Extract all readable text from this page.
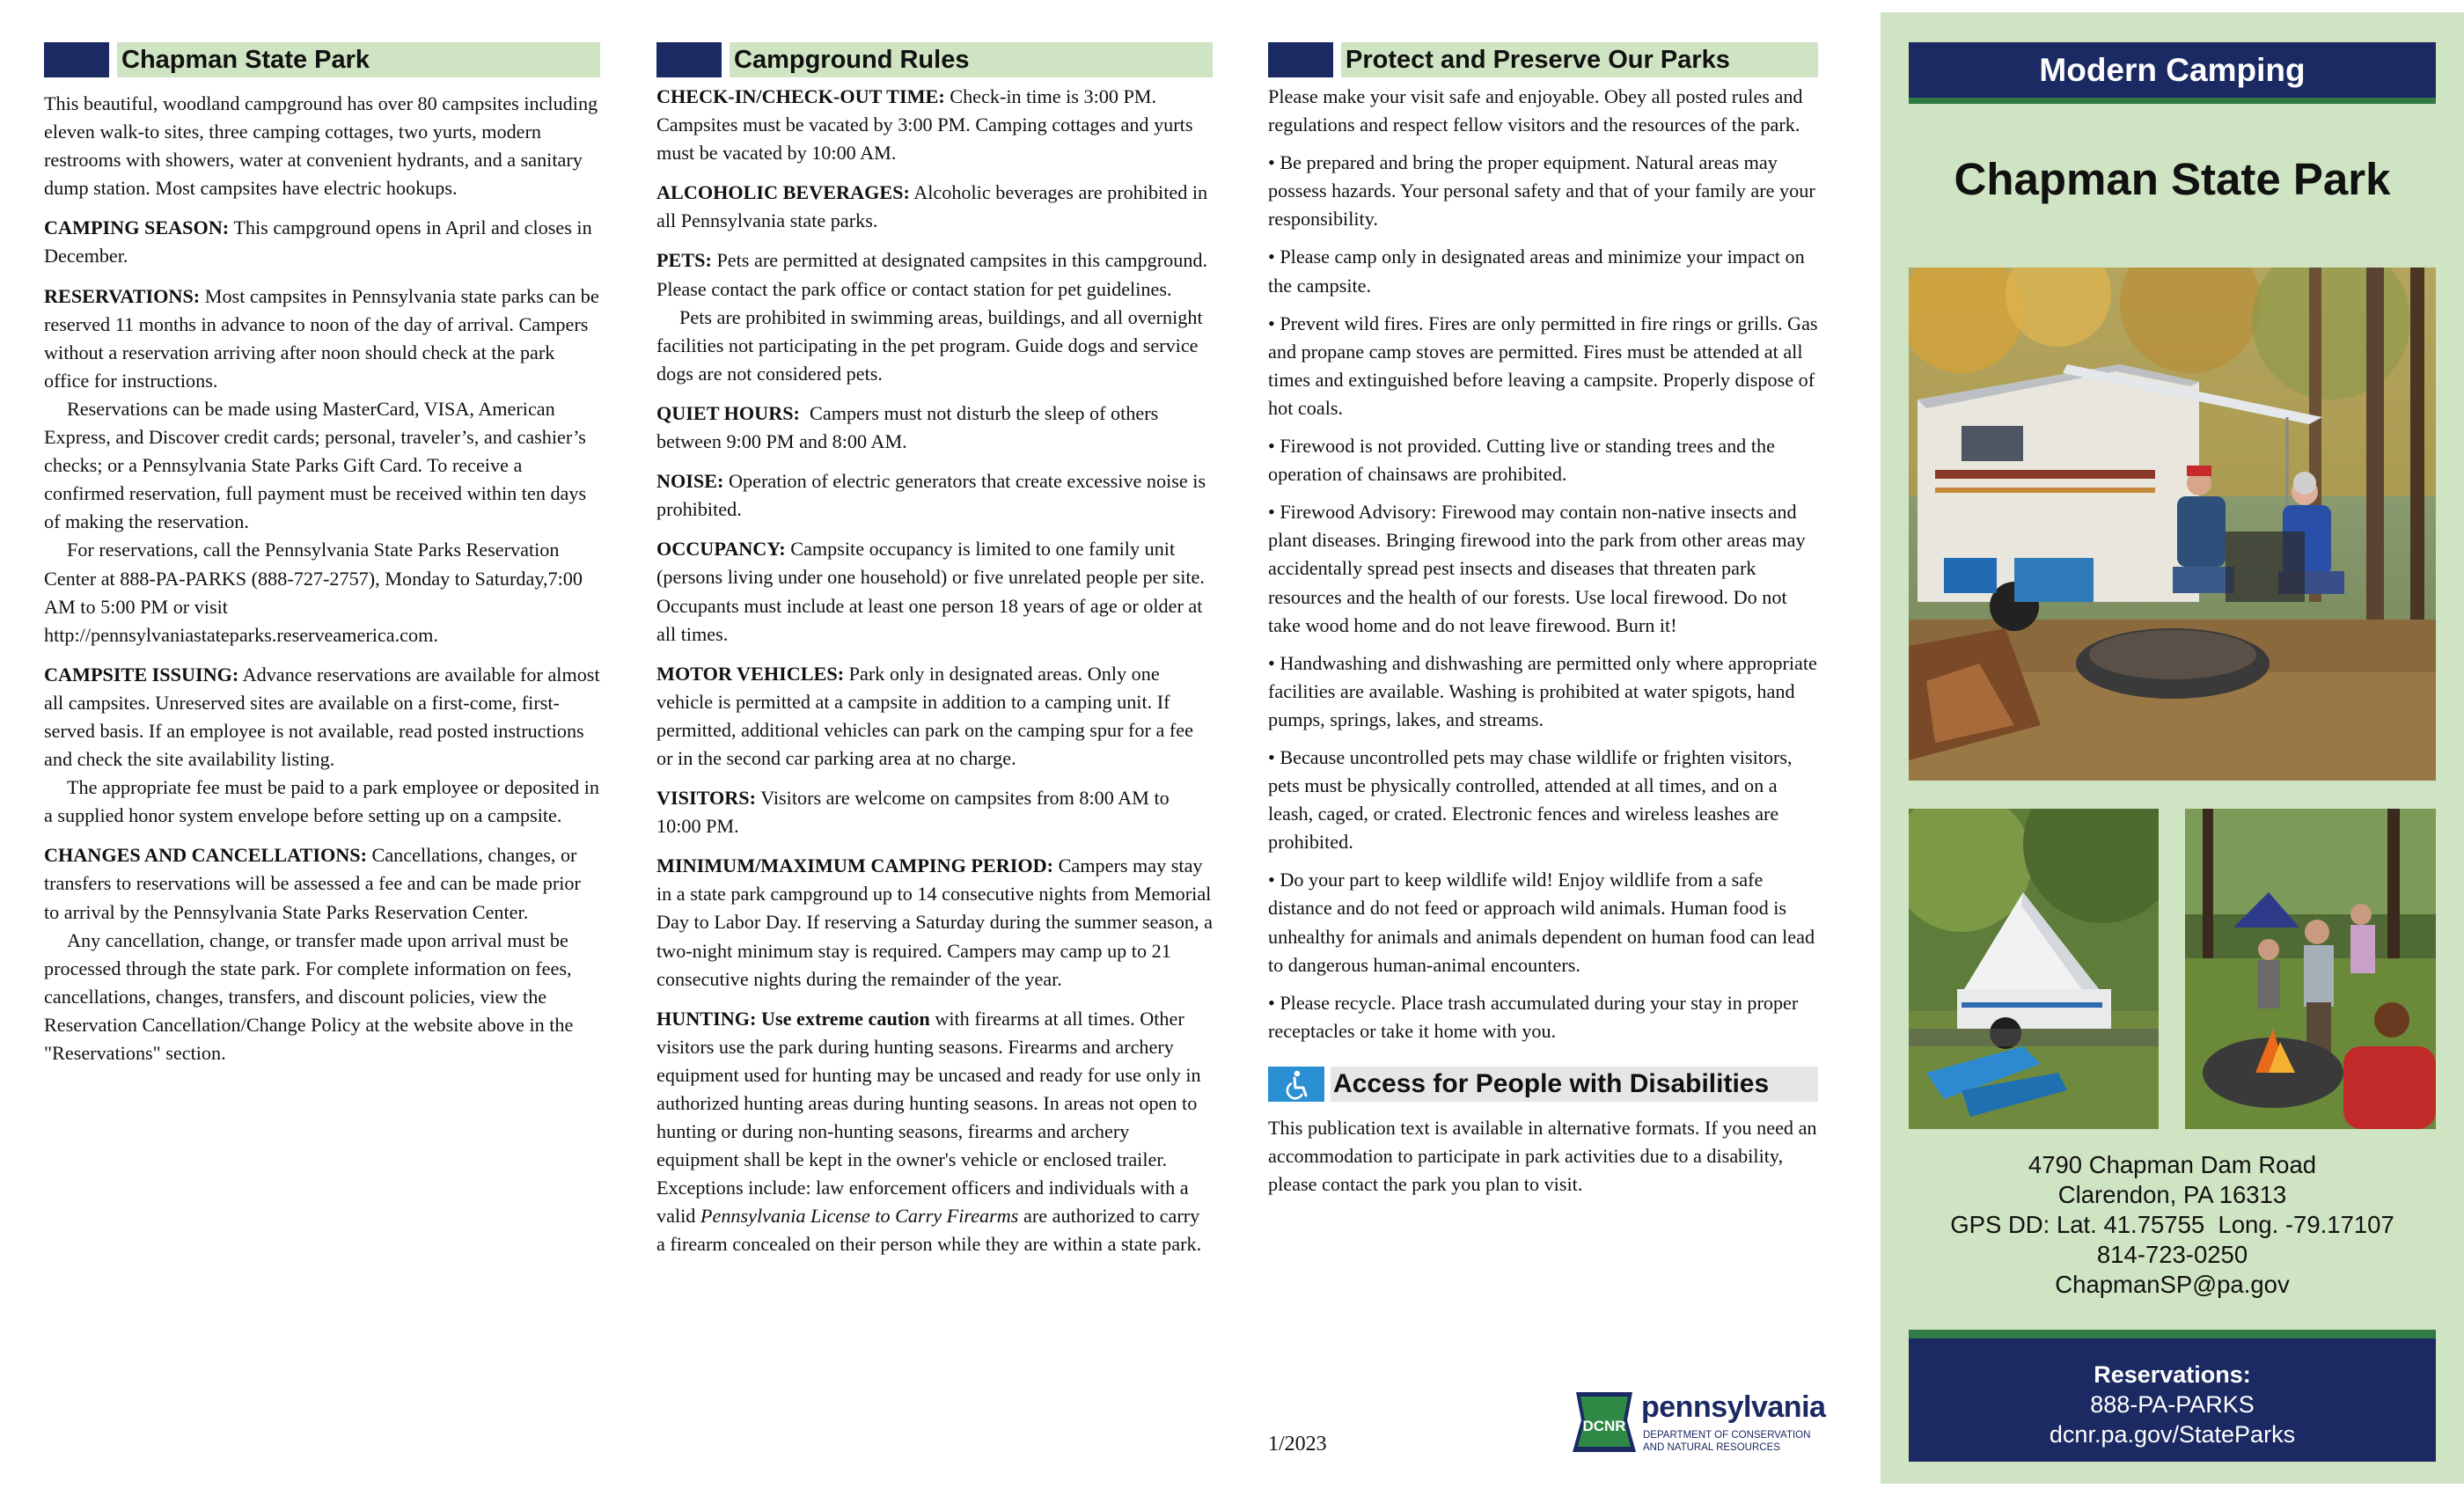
Chapman State Park

This beautiful, woodland campground has over 80 campsites including eleven walk-to sites, three camping cottages, two yurts, modern restrooms with showers, water at convenient hydrants, and a sanitary dump station. Most campsites have electric hookups.

CAMPING SEASON: This campground opens in April and closes in December.

RESERVATIONS: Most campsites in Pennsylvania state parks can be reserved 11 months in advance to noon of the day of arrival. Campers without a reservation arriving after noon should check at the park office for instructions.

Reservations can be made using MasterCard, VISA, American Express, and Discover credit cards; personal, traveler’s, and cashier’s checks; or a Pennsylvania State Parks Gift Card. To receive a confirmed reservation, full payment must be received within ten days of making the reservation.

For reservations, call the Pennsylvania State Parks Reservation Center at 888-PA-PARKS (888-727-2757), Monday to Saturday,7:00 AM to 5:00 PM or visit http://pennsylvaniastateparks.reserveamerica.com.

CAMPSITE ISSUING: Advance reservations are available for almost all campsites. Unreserved sites are available on a first-come, first-served basis. If an employee is not available, read posted instructions and check the site availability listing.

The appropriate fee must be paid to a park employee or deposited in a supplied honor system envelope before setting up on a campsite.

CHANGES AND CANCELLATIONS: Cancellations, changes, or transfers to reservations will be assessed a fee and can be made prior to arrival by the Pennsylvania State Parks Reservation Center.

Any cancellation, change, or transfer made upon arrival must be processed through the state park. For complete information on fees, cancellations, changes, transfers, and discount policies, view the Reservation Cancellation/Change Policy at the website above in the "Reservations" section.

Campground Rules

CHECK-IN/CHECK-OUT TIME: Check-in time is 3:00 PM. Campsites must be vacated by 3:00 PM. Camping cottages and yurts must be vacated by 10:00 AM.

ALCOHOLIC BEVERAGES: Alcoholic beverages are prohibited in all Pennsylvania state parks.

PETS: Pets are permitted at designated campsites in this campground. Please contact the park office or contact station for pet guidelines.

Pets are prohibited in swimming areas, buildings, and all overnight facilities not participating in the pet program. Guide dogs and service dogs are not considered pets.

QUIET HOURS:  Campers must not disturb the sleep of others between 9:00 PM and 8:00 AM.

NOISE: Operation of electric generators that create excessive noise is prohibited.

OCCUPANCY: Campsite occupancy is limited to one family unit (persons living under one household) or five unrelated people per site. Occupants must include at least one person 18 years of age or older at all times.

MOTOR VEHICLES: Park only in designated areas. Only one vehicle is permitted at a campsite in addition to a camping unit. If permitted, additional vehicles can park on the camping spur for a fee or in the second car parking area at no charge.

VISITORS: Visitors are welcome on campsites from 8:00 AM to 10:00 PM.

MINIMUM/MAXIMUM CAMPING PERIOD: Campers may stay in a state park campground up to 14 consecutive nights from Memorial Day to Labor Day. If reserving a Saturday during the summer season, a two-night minimum stay is required. Campers may camp up to 21 consecutive nights during the remainder of the year.

HUNTING: Use extreme caution with firearms at all times. Other visitors use the park during hunting seasons. Firearms and archery equipment used for hunting may be uncased and ready for use only in authorized hunting areas during hunting seasons. In areas not open to hunting or during non-hunting seasons, firearms and archery equipment shall be kept in the owner's vehicle or enclosed trailer. Exceptions include: law enforcement officers and individuals with a valid Pennsylvania License to Carry Firearms are authorized to carry a firearm concealed on their person while they are within a state park.

Protect and Preserve Our Parks

Please make your visit safe and enjoyable. Obey all posted rules and regulations and respect fellow visitors and the resources of the park.

• Be prepared and bring the proper equipment. Natural areas may possess hazards. Your personal safety and that of your family are your responsibility.

• Please camp only in designated areas and minimize your impact on the campsite.

• Prevent wild fires. Fires are only permitted in fire rings or grills. Gas and propane camp stoves are permitted. Fires must be attended at all times and extinguished before leaving a campsite. Properly dispose of hot coals.

• Firewood is not provided. Cutting live or standing trees and the operation of chainsaws are prohibited.

• Firewood Advisory: Firewood may contain non-native insects and plant diseases. Bringing firewood into the park from other areas may accidentally spread pest insects and diseases that threaten park resources and the health of our forests. Use local firewood. Do not take wood home and do not leave firewood. Burn it!

• Handwashing and dishwashing are permitted only where appropriate facilities are available. Washing is prohibited at water spigots, hand pumps, springs, lakes, and streams.

• Because uncontrolled pets may chase wildlife or frighten visitors, pets must be physically controlled, attended at all times, and on a leash, caged, or crated. Electronic fences and wireless leashes are prohibited.

• Do your part to keep wildlife wild! Enjoy wildlife from a safe distance and do not feed or approach wild animals. Human food is unhealthy for animals and animals dependent on human food can lead to dangerous human-animal encounters.

• Please recycle. Place trash accumulated during your stay in proper receptacles or take it home with you.

Access for People with Disabilities

This publication text is available in alternative formats. If you need an accommodation to participate in park activities due to a disability, please contact the park you plan to visit.

1/2023
DCNR
pennsylvania
DEPARTMENT OF CONSERVATION
AND NATURAL RESOURCES
Modern Camping
Chapman State Park
4790 Chapman Dam Road
Clarendon, PA 16313
GPS DD: Lat. 41.75755  Long. -79.17107
814-723-0250
ChapmanSP@pa.gov
Reservations:
888-PA-PARKS
dcnr.pa.gov/StateParks
